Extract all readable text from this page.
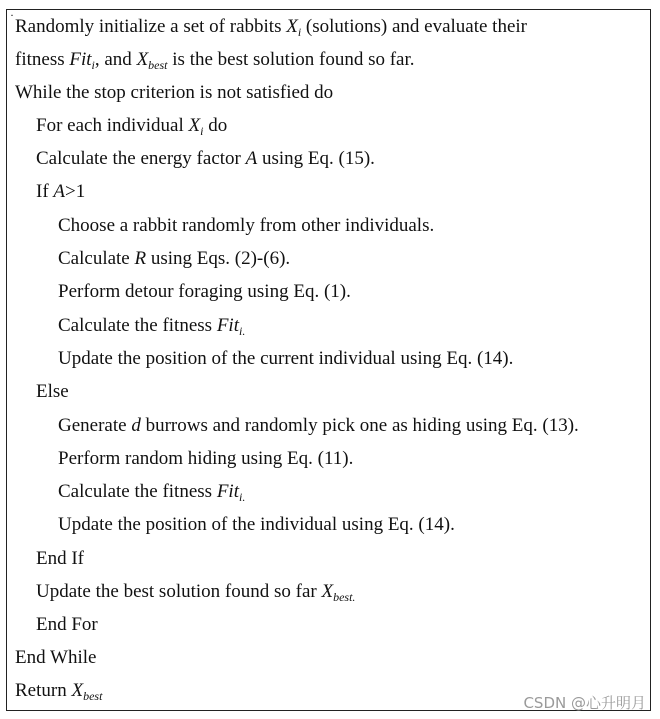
·
Randomly initialize a set of rabbits $X_i$ (solutions) and evaluate their
fitness Fit$_i$, and $X_{best}$ is the best solution found so far.
While the stop criterion is not satisfied do
For each individual $X_i$ do
Calculate the energy factor A using Eq. (15).
If A>1
Choose a rabbit randomly from other individuals.
Calculate R using Eqs. (2)-(6).
Perform detour foraging using Eq. (1).
Calculate the fitness Fit$_{i.}$
Update the position of the current individual using Eq. (14).
Else
Generate d burrows and randomly pick one as hiding using Eq. (13).
Perform random hiding using Eq. (11).
Calculate the fitness Fit$_{i.}$
Update the position of the individual using Eq. (14).
End If
Update the best solution found so far $X_{best.}$
End For
End While
Return $X_{best}$	CSDN @心￼升明月
